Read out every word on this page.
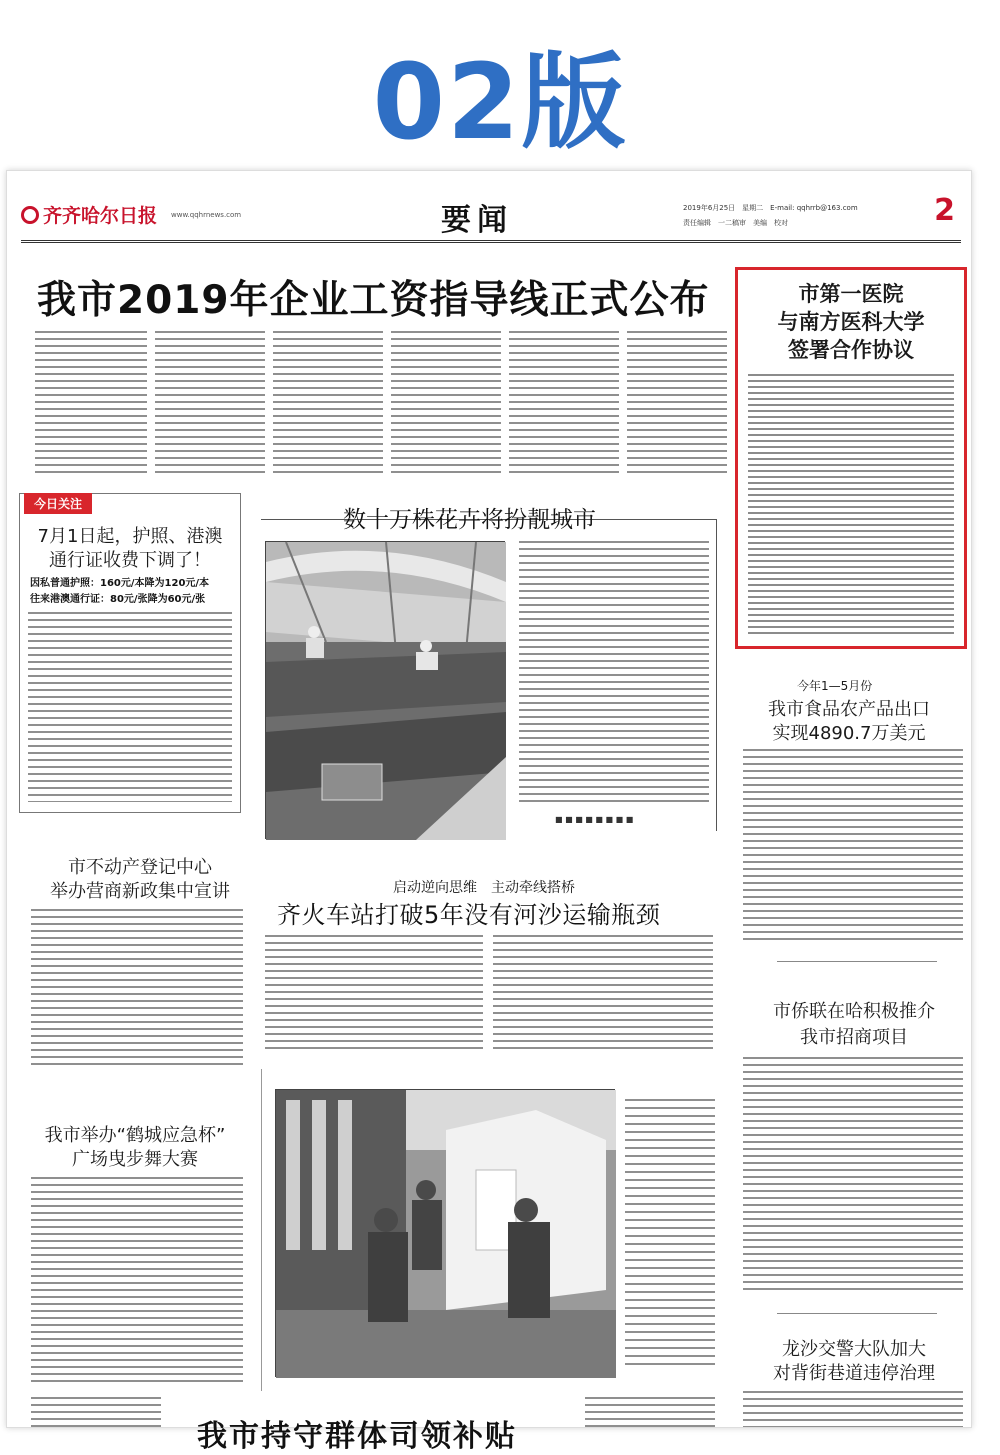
02版
齐齐哈尔日报 www.qqhrnews.com	要闻	2019年6月25日　星期二　E-mail: qqhrrb@163.com
责任编辑　一二稿审　美编　校对	2
我市2019年企业工资指导线正式公布	市第一医院
与南方医科大学
签署合作协议
今日关注
7月1日起，护照、港澳
通行证收费下调了！
因私普通护照：160元/本降为120元/本
往来港澳通行证：80元/张降为60元/张
数十万株花卉将扮靓城市
■ ■ ■ ■ ■ ■ ■ ■
今年1—5月份
我市食品农产品出口
实现4890.7万美元
市不动产登记中心
举办营商新政集中宣讲	启动逆向思维　主动牵线搭桥
齐火车站打破5年没有河沙运输瓶颈
市侨联在哈积极推介
我市招商项目
我市举办“鹤城应急杯”
广场曳步舞大赛
龙沙交警大队加大
对背街巷道违停治理
我市持守群体司领补贴
